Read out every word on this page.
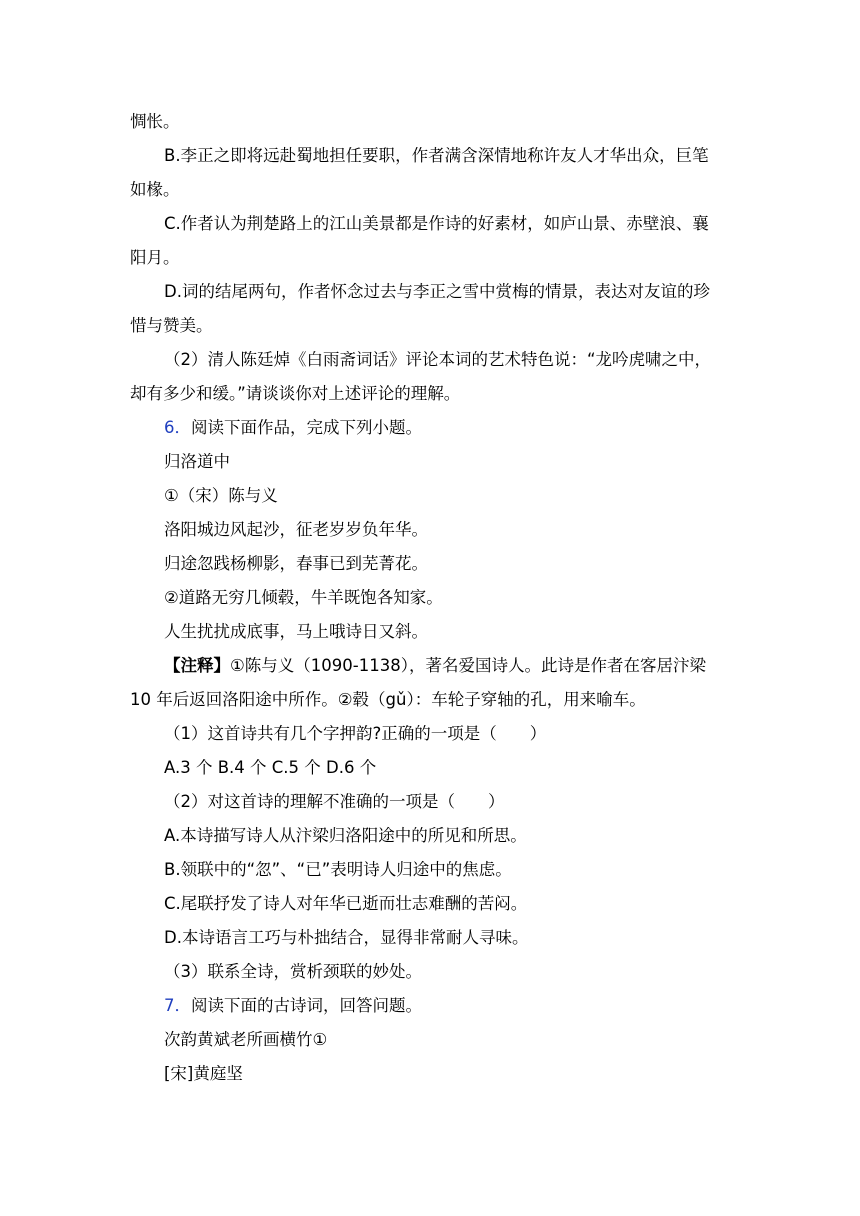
惆怅。
B.李正之即将远赴蜀地担任要职，作者满含深情地称许友人才华出众，巨笔
如椽。
C.作者认为荆楚路上的江山美景都是作诗的好素材，如庐山景、赤壁浪、襄
阳月。
D.词的结尾两句，作者怀念过去与李正之雪中赏梅的情景，表达对友谊的珍
惜与赞美。
（2）清人陈廷焯《白雨斋词话》评论本词的艺术特色说：“龙吟虎啸之中，
却有多少和缓。”请谈谈你对上述评论的理解。
6．阅读下面作品，完成下列小题。
归洛道中
①（宋）陈与义
洛阳城边风起沙，征老岁岁负年华。
归途忽践杨柳影，春事已到芜菁花。
②道路无穷几倾毂，牛羊既饱各知家。
人生扰扰成底事，马上哦诗日又斜。
【注释】①陈与义（1090-1138），著名爱国诗人。此诗是作者在客居汴梁
10 年后返回洛阳途中所作。②毂（gǔ）：车轮子穿轴的孔，用来喻车。
（1）这首诗共有几个字押韵?正确的一项是（　　）
A.3 个 B.4 个 C.5 个 D.6 个
（2）对这首诗的理解不准确的一项是（　　）
A.本诗描写诗人从汴梁归洛阳途中的所见和所思。
B.领联中的“忽”、“已”表明诗人归途中的焦虑。
C.尾联抒发了诗人对年华已逝而壮志难酬的苦闷。
D.本诗语言工巧与朴拙结合，显得非常耐人寻味。
（3）联系全诗，赏析颈联的妙处。
7．阅读下面的古诗词，回答问题。
次韵黄斌老所画横竹①
[宋]黄庭坚
